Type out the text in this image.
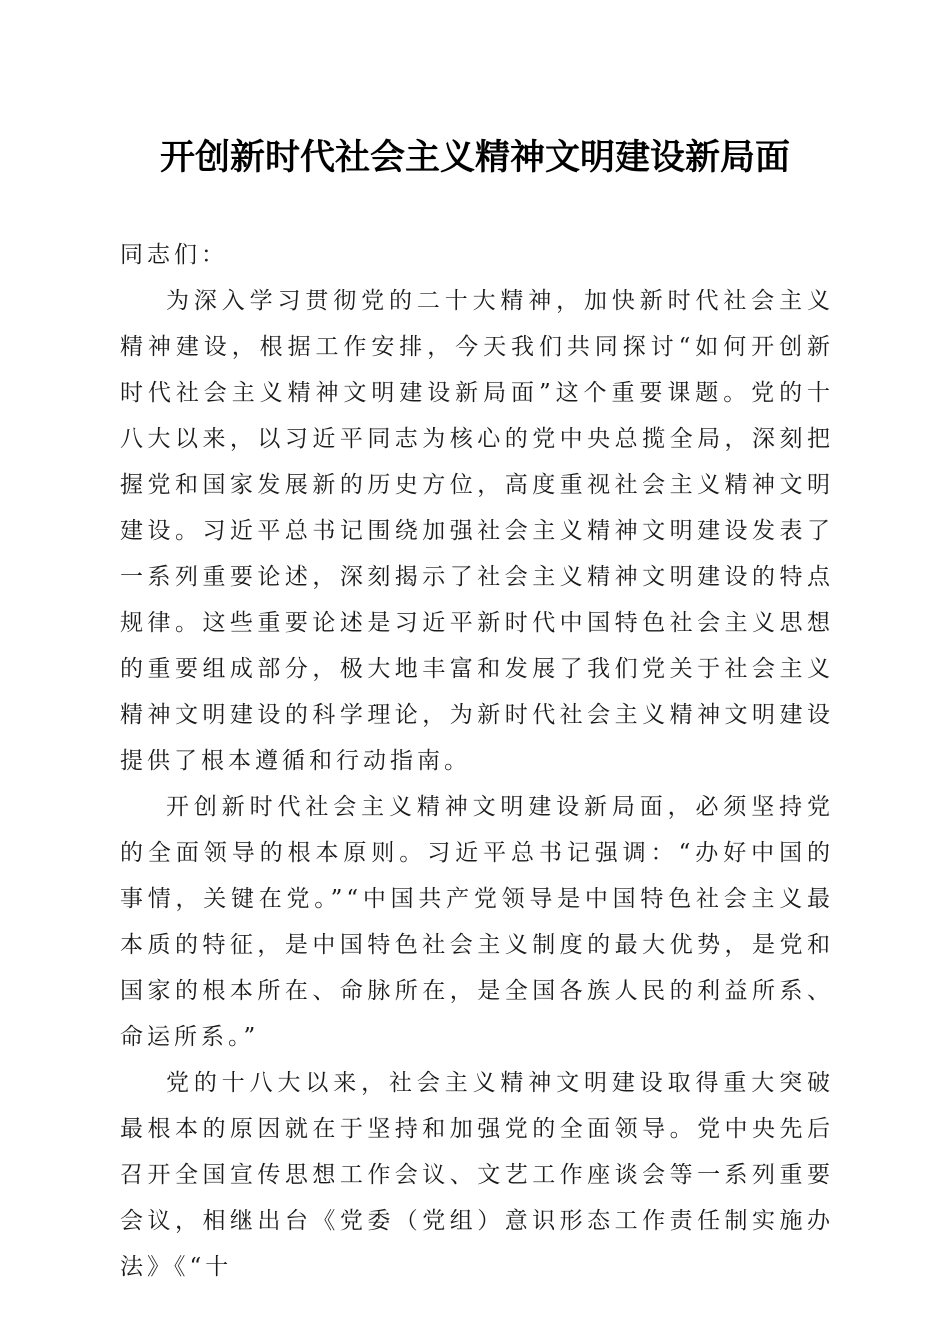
开创新时代社会主义精神文明建设新局面

同志们：

为深入学习贯彻党的二十大精神，加快新时代社会主义精神建设，根据工作安排，今天我们共同探讨“如何开创新时代社会主义精神文明建设新局面”这个重要课题。党的十八大以来，以习近平同志为核心的党中央总揽全局，深刻把握党和国家发展新的历史方位，高度重视社会主义精神文明建设。习近平总书记围绕加强社会主义精神文明建设发表了一系列重要论述，深刻揭示了社会主义精神文明建设的特点规律。这些重要论述是习近平新时代中国特色社会主义思想的重要组成部分，极大地丰富和发展了我们党关于社会主义精神文明建设的科学理论，为新时代社会主义精神文明建设提供了根本遵循和行动指南。

开创新时代社会主义精神文明建设新局面，必须坚持党的全面领导的根本原则。习近平总书记强调：“办好中国的事情，关键在党。”“中国共产党领导是中国特色社会主义最本质的特征，是中国特色社会主义制度的最大优势，是党和国家的根本所在、命脉所在，是全国各族人民的利益所系、命运所系。”

党的十八大以来，社会主义精神文明建设取得重大突破最根本的原因就在于坚持和加强党的全面领导。党中央先后召开全国宣传思想工作会议、文艺工作座谈会等一系列重要会议，相继出台《党委（党组）意识形态工作责任制实施办法》《“十
